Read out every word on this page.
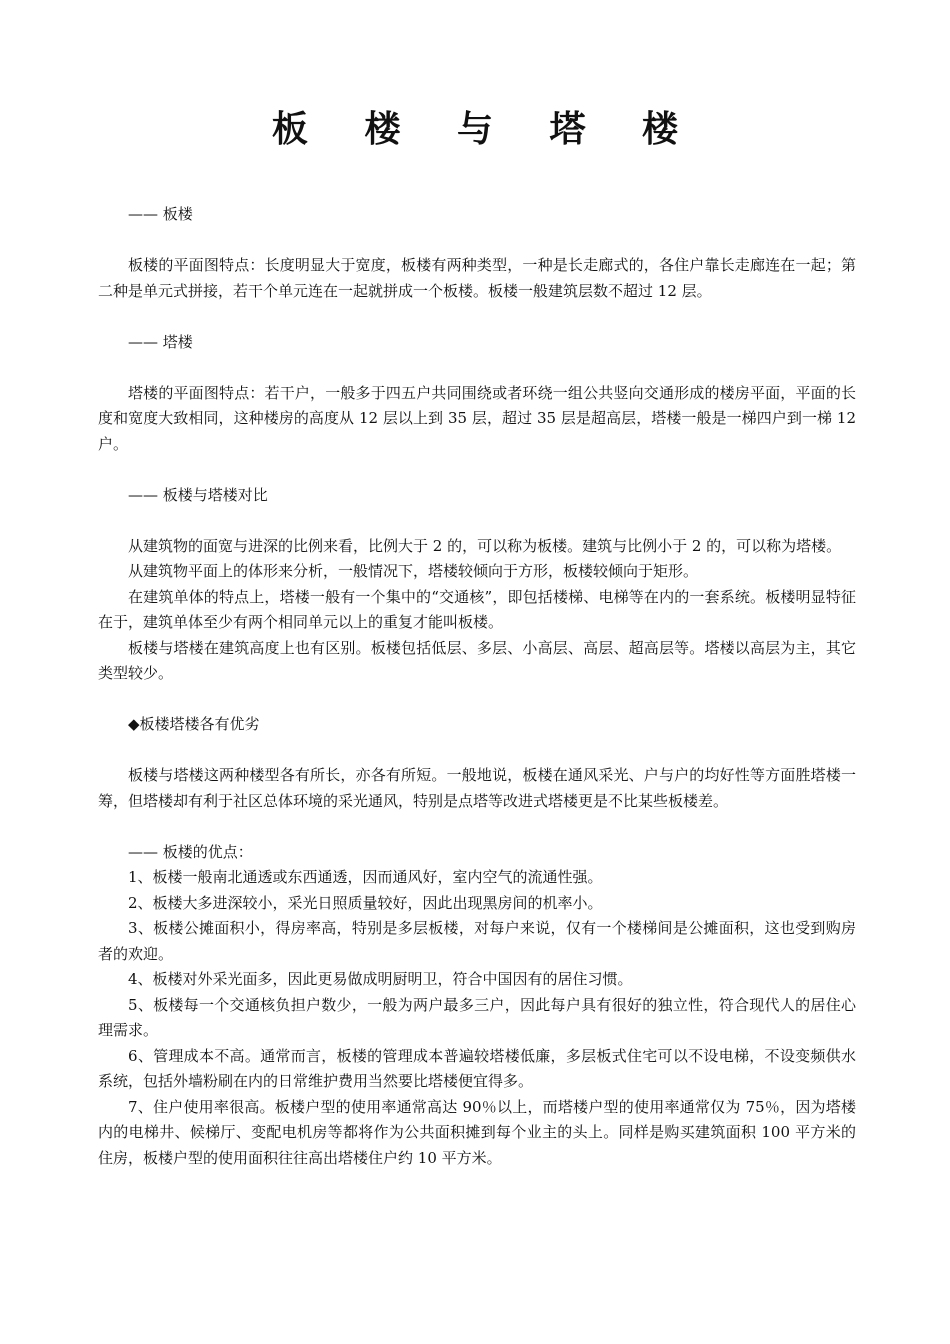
板 楼 与 塔 楼

—— 板楼

板楼的平面图特点：长度明显大于宽度，板楼有两种类型，一种是长走廊式的，各住户靠长走廊连在一起；第二种是单元式拼接，若干个单元连在一起就拼成一个板楼。板楼一般建筑层数不超过 12 层。

—— 塔楼

塔楼的平面图特点：若干户，一般多于四五户共同围绕或者环绕一组公共竖向交通形成的楼房平面，平面的长度和宽度大致相同，这种楼房的高度从 12 层以上到 35 层，超过 35 层是超高层，塔楼一般是一梯四户到一梯 12 户。

—— 板楼与塔楼对比

从建筑物的面宽与进深的比例来看，比例大于 2 的，可以称为板楼。建筑与比例小于 2 的，可以称为塔楼。

从建筑物平面上的体形来分析，一般情况下，塔楼较倾向于方形，板楼较倾向于矩形。

在建筑单体的特点上，塔楼一般有一个集中的“交通核”，即包括楼梯、电梯等在内的一套系统。板楼明显特征在于，建筑单体至少有两个相同单元以上的重复才能叫板楼。

板楼与塔楼在建筑高度上也有区别。板楼包括低层、多层、小高层、高层、超高层等。塔楼以高层为主，其它类型较少。

◆板楼塔楼各有优劣

板楼与塔楼这两种楼型各有所长，亦各有所短。一般地说，板楼在通风采光、户与户的均好性等方面胜塔楼一筹，但塔楼却有利于社区总体环境的采光通风，特别是点塔等改进式塔楼更是不比某些板楼差。

—— 板楼的优点：

1、板楼一般南北通透或东西通透，因而通风好，室内空气的流通性强。

2、板楼大多进深较小，采光日照质量较好，因此出现黑房间的机率小。

3、板楼公摊面积小，得房率高，特别是多层板楼，对每户来说，仅有一个楼梯间是公摊面积，这也受到购房者的欢迎。

4、板楼对外采光面多，因此更易做成明厨明卫，符合中国因有的居住习惯。

5、板楼每一个交通核负担户数少，一般为两户最多三户，因此每户具有很好的独立性，符合现代人的居住心理需求。

6、管理成本不高。通常而言，板楼的管理成本普遍较塔楼低廉，多层板式住宅可以不设电梯，不设变频供水系统，包括外墙粉刷在内的日常维护费用当然要比塔楼便宜得多。

7、住户使用率很高。板楼户型的使用率通常高达 90％以上，而塔楼户型的使用率通常仅为 75％，因为塔楼内的电梯井、候梯厅、变配电机房等都将作为公共面积摊到每个业主的头上。同样是购买建筑面积 100 平方米的住房，板楼户型的使用面积往往高出塔楼住户约 10 平方米。
